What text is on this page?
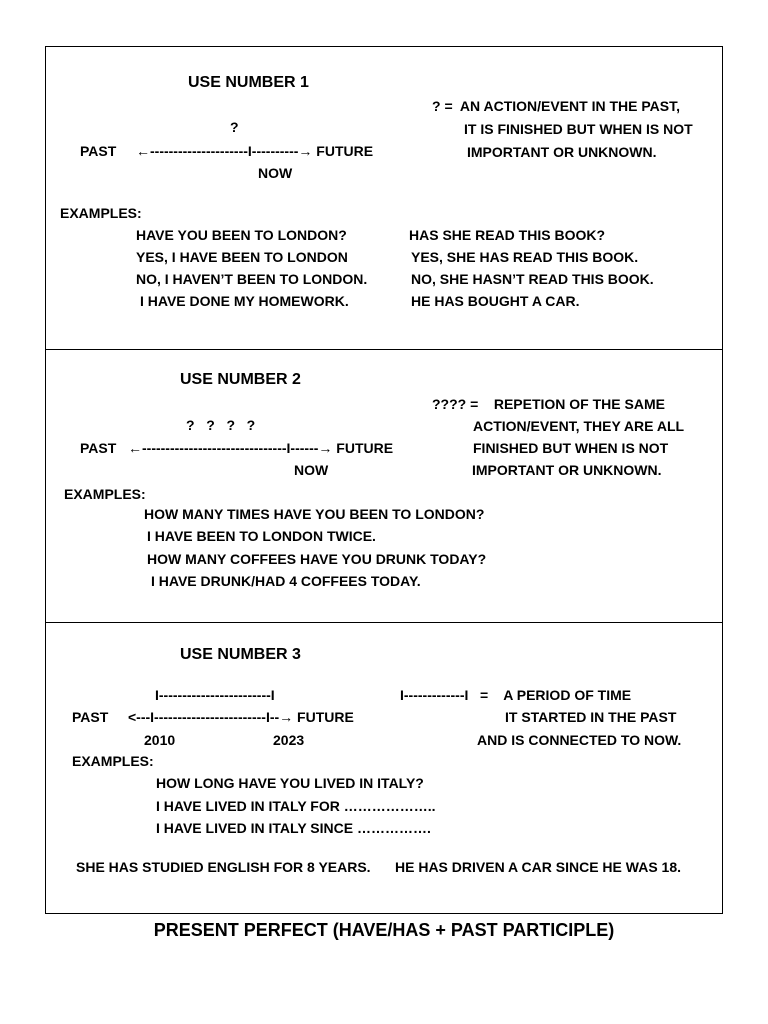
USE NUMBER 1
?
PAST ←---------------------I----------→ FUTURE
NOW
? =  AN ACTION/EVENT IN THE PAST,
IT IS FINISHED BUT WHEN IS NOT
IMPORTANT OR UNKNOWN.
EXAMPLES:
HAVE YOU BEEN TO LONDON?
YES, I HAVE BEEN TO LONDON
NO, I HAVEN’T BEEN TO LONDON.
I HAVE DONE MY HOMEWORK.
HAS SHE READ THIS BOOK?
YES, SHE HAS READ THIS BOOK.
NO, SHE HASN’T READ THIS BOOK.
HE HAS BOUGHT A CAR.
USE NUMBER 2
?   ?   ?   ?
PAST ←-------------------------------I------→ FUTURE
NOW
???? =    REPETION OF THE SAME
ACTION/EVENT, THEY ARE ALL
FINISHED BUT WHEN IS NOT
IMPORTANT OR UNKNOWN.
EXAMPLES:
HOW MANY TIMES HAVE YOU BEEN TO LONDON?
I HAVE BEEN TO LONDON TWICE.
HOW MANY COFFEES HAVE YOU DRUNK TODAY?
I HAVE DRUNK/HAD 4 COFFEES TODAY.
USE NUMBER 3
I------------------------I
PAST <---I------------------------I--→ FUTURE
2010	2023
I-------------I   =    A PERIOD OF TIME
IT STARTED IN THE PAST
AND IS CONNECTED TO NOW.
EXAMPLES:
HOW LONG HAVE YOU LIVED IN ITALY?
I HAVE LIVED IN ITALY FOR ………………..
I HAVE LIVED IN ITALY SINCE …………….
SHE HAS STUDIED ENGLISH FOR 8 YEARS. HE HAS DRIVEN A CAR SINCE HE WAS 18.
PRESENT PERFECT (HAVE/HAS + PAST PARTICIPLE)
